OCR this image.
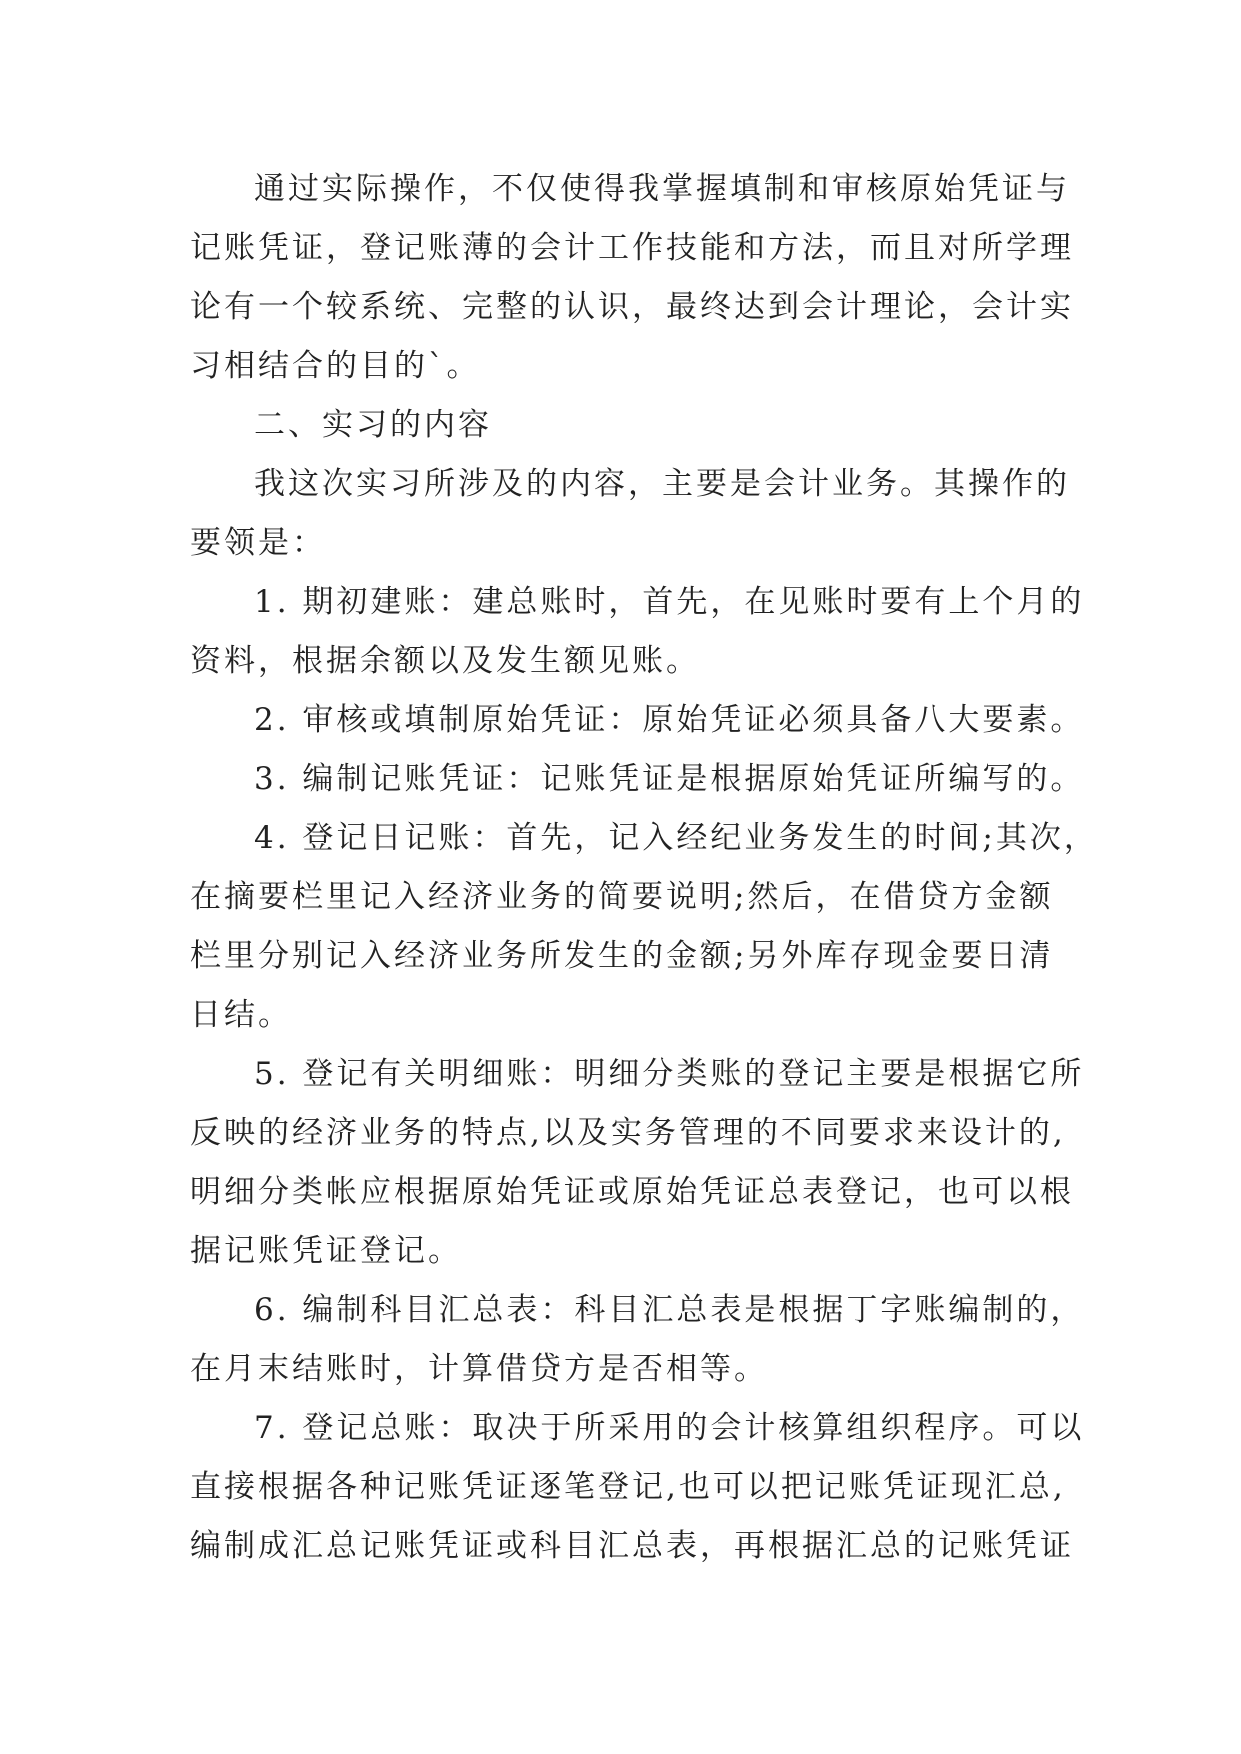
通过实际操作，不仅使得我掌握填制和审核原始凭证与
记账凭证，登记账薄的会计工作技能和方法，而且对所学理
论有一个较系统、完整的认识，最终达到会计理论，会计实
习相结合的目的`。

二、实习的内容

我这次实习所涉及的内容，主要是会计业务。其操作的
要领是：

1. 期初建账：建总账时，首先，在见账时要有上个月的
资料，根据余额以及发生额见账。

2. 审核或填制原始凭证：原始凭证必须具备八大要素。

3. 编制记账凭证：记账凭证是根据原始凭证所编写的。

4. 登记日记账：首先，记入经纪业务发生的时间;其次，
在摘要栏里记入经济业务的简要说明;然后，在借贷方金额
栏里分别记入经济业务所发生的金额;另外库存现金要日清
日结。

5. 登记有关明细账：明细分类账的登记主要是根据它所
反映的经济业务的特点,以及实务管理的不同要求来设计的,
明细分类帐应根据原始凭证或原始凭证总表登记，也可以根
据记账凭证登记。

6. 编制科目汇总表：科目汇总表是根据丁字账编制的，
在月末结账时，计算借贷方是否相等。

7. 登记总账：取决于所采用的会计核算组织程序。可以
直接根据各种记账凭证逐笔登记,也可以把记账凭证现汇总,
编制成汇总记账凭证或科目汇总表，再根据汇总的记账凭证
